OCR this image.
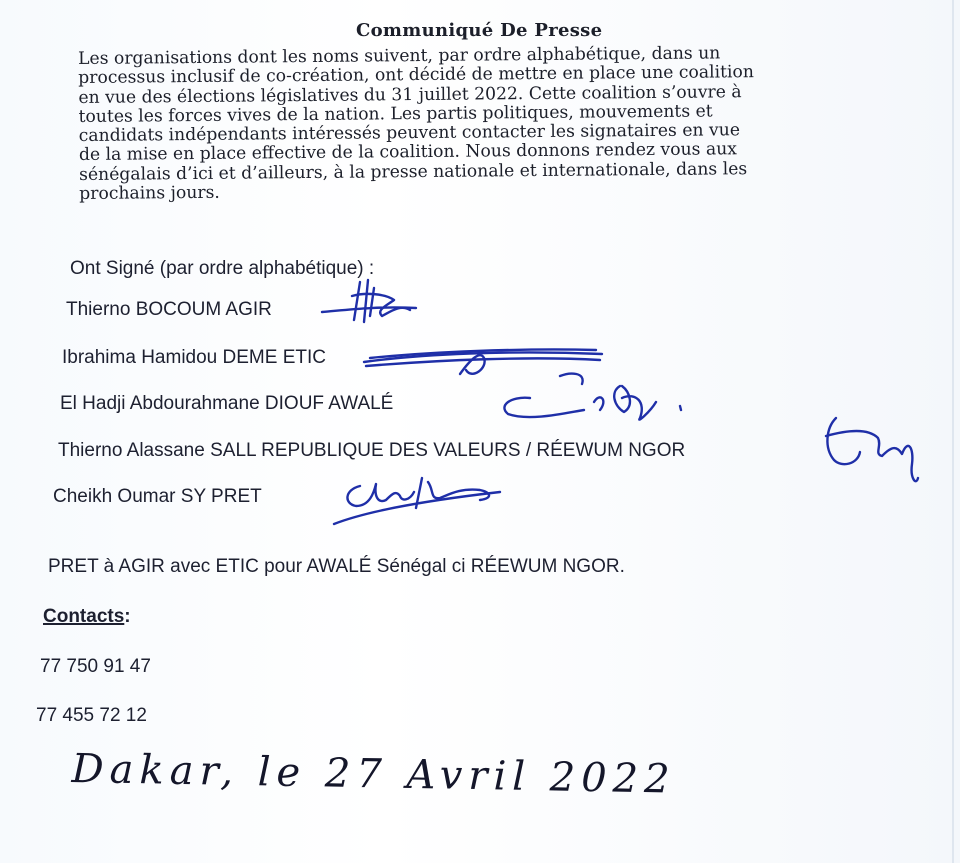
Communiqué De Presse
Les organisations dont les noms suivent, par ordre alphabétique, dans un
processus inclusif de co-création, ont décidé de mettre en place une coalition
en vue des élections législatives du 31 juillet 2022. Cette coalition s’ouvre à
toutes les forces vives de la nation. Les partis politiques, mouvements et
candidats indépendants intéressés peuvent contacter les signataires en vue
de la mise en place effective de la coalition. Nous donnons rendez vous aux
sénégalais d’ici et d’ailleurs, à la presse nationale et internationale, dans les
prochains jours.
Ont Signé (par ordre alphabétique) :
Thierno BOCOUM AGIR
Ibrahima Hamidou DEME ETIC
El Hadji Abdourahmane DIOUF AWALÉ
Thierno Alassane SALL REPUBLIQUE DES VALEURS / RÉEWUM NGOR
Cheikh Oumar SY PRET
PRET à AGIR avec ETIC pour AWALÉ Sénégal ci RÉEWUM NGOR.
Contacts:
77 750 91 47
77 455 72 12
Dakar, le 27 Avril 2022
